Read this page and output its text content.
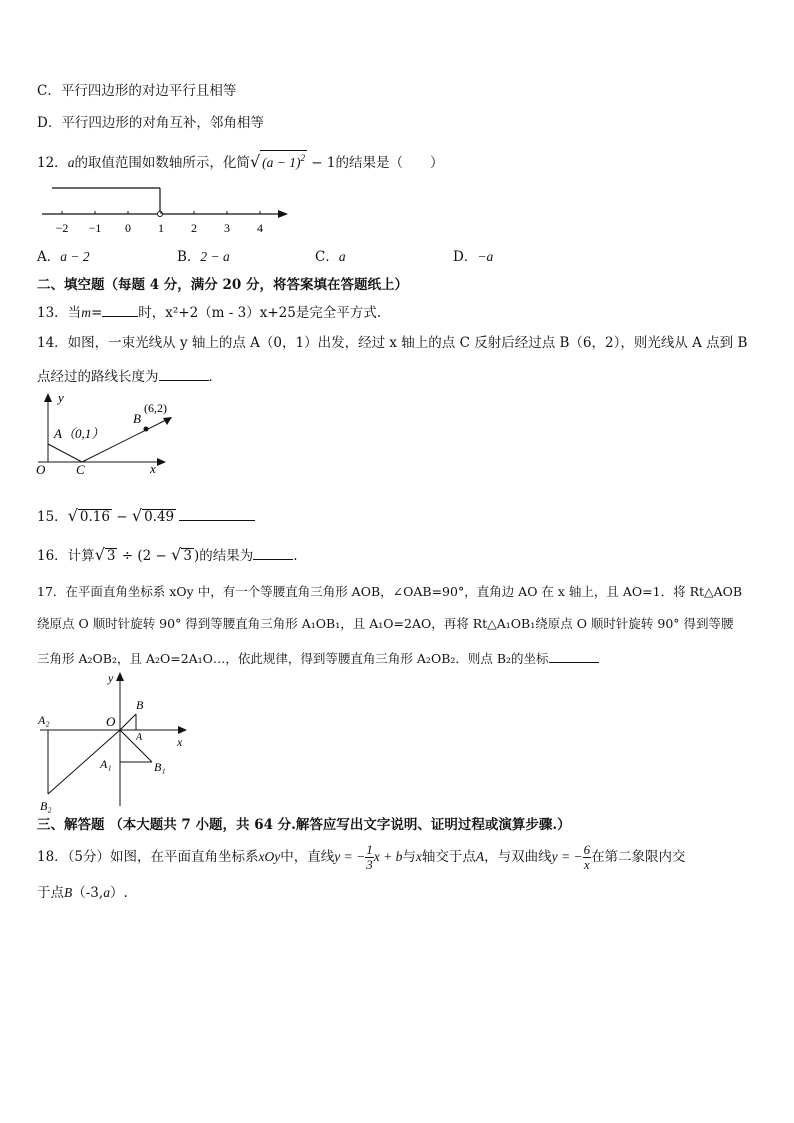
C．平行四边形的对边平行且相等
D．平行四边形的对角互补，邻角相等
12．a的取值范围如数轴所示，化简√ $(a - 1)^2 - 1$的结果是（　　）
−2 −1 0 1 2 3 4
A．a − 2	B．2 − a	C．a	D．−a
二、填空题（每题 4 分，满分 20 分，将答案填在答题纸上）
13．当m=	时，x²+2（m - 3）x+25是完全平方式.
14．如图，一束光线从 y 轴上的点 A（0，1）出发，经过 x 轴上的点 C 反射后经过点 B（6，2），则光线从 A 点到 B
点经过的路线长度为	．
y
x
O C
A（0,1）
B
(6,2)
15．√ 0.16 − √ 0.49
16．计算√ 3 ÷ (2 − √ 3 )的结果为	.
17．在平面直角坐标系 xOy 中，有一个等腰直角三角形 AOB，∠OAB=90°，直角边 AO 在 x 轴上，且 AO=1．将 Rt△AOB
绕原点 O 顺时针旋转 90° 得到等腰直角三角形 A₁OB₁，且 A₁O=2AO，再将 Rt△A₁OB₁绕原点 O 顺时针旋转 90° 得到等腰
三角形 A₂OB₂，且 A₂O=2A₁O…，依此规律，得到等腰直角三角形 A₂OB₂．则点 B₂的坐标
y
x
O
B
A
A₁	B₁
A₂
B₂
三、解答题 （本大题共 7 小题，共 64 分.解答应写出文字说明、证明过程或演算步骤.）
18．（5分）如图，在平面直角坐标系xOy中，直线y = − $\frac{1}{3}$ x + b与x轴交于点A，与双曲线y = − $\frac{6}{x}$ 在第二象限内交
于点B（-3,a）.
